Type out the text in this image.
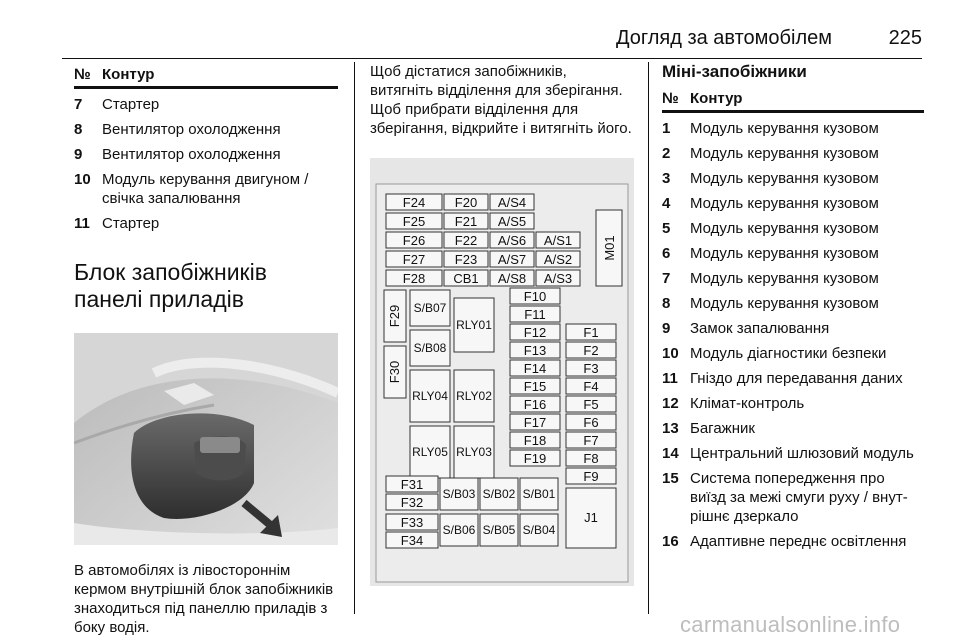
Догляд за автомобілем	225
№ Контур
7	Стартер
8	Вентилятор охолодження
9	Вентилятор охолодження
10 Модуль керування двигуном / свічка запалювання
11 Стартер
Блок запобіжників панелі приладів
В автомобілях із лівостороннім кермом внутрішній блок запобіжників знаходиться під панеллю приладів з боку водія.
Щоб дістатися запобіжників, витягніть відділення для зберігання. Щоб прибрати відділення для зберігання, відкрийте і витягніть його.
F24 F20 A/S4
F25 F21 A/S5
F26 F22 A/S6 A/S1
F27 F23 A/S7 A/S2
F28 CB1 A/S8 A/S3
M01
F29
F30
S/B07
S/B08
RLY01
RLY04 RLY02
RLY05 RLY03
F10
F11
F12
F13
F14
F15
F16
F17
F18
F19
F1
F2
F3
F4
F5
F6
F7
F8
F9
F31
F32
F33
F34
S/B03 S/B02 S/B01
S/B06 S/B05 S/B04
J1
Міні-запобіжники
№ Контур
1	Модуль керування кузовом
2	Модуль керування кузовом
3	Модуль керування кузовом
4	Модуль керування кузовом
5	Модуль керування кузовом
6	Модуль керування кузовом
7	Модуль керування кузовом
8	Модуль керування кузовом
9	Замок запалювання
10 Модуль діагностики безпеки
11 Гніздо для передавання даних
12 Клімат-контроль
13 Багажник
14 Центральний шлюзовий модуль
15 Система попередження про виїзд за межі смуги руху / внут-рішнє дзеркало
16 Адаптивне переднє освітлення
carmanualsonline.info
